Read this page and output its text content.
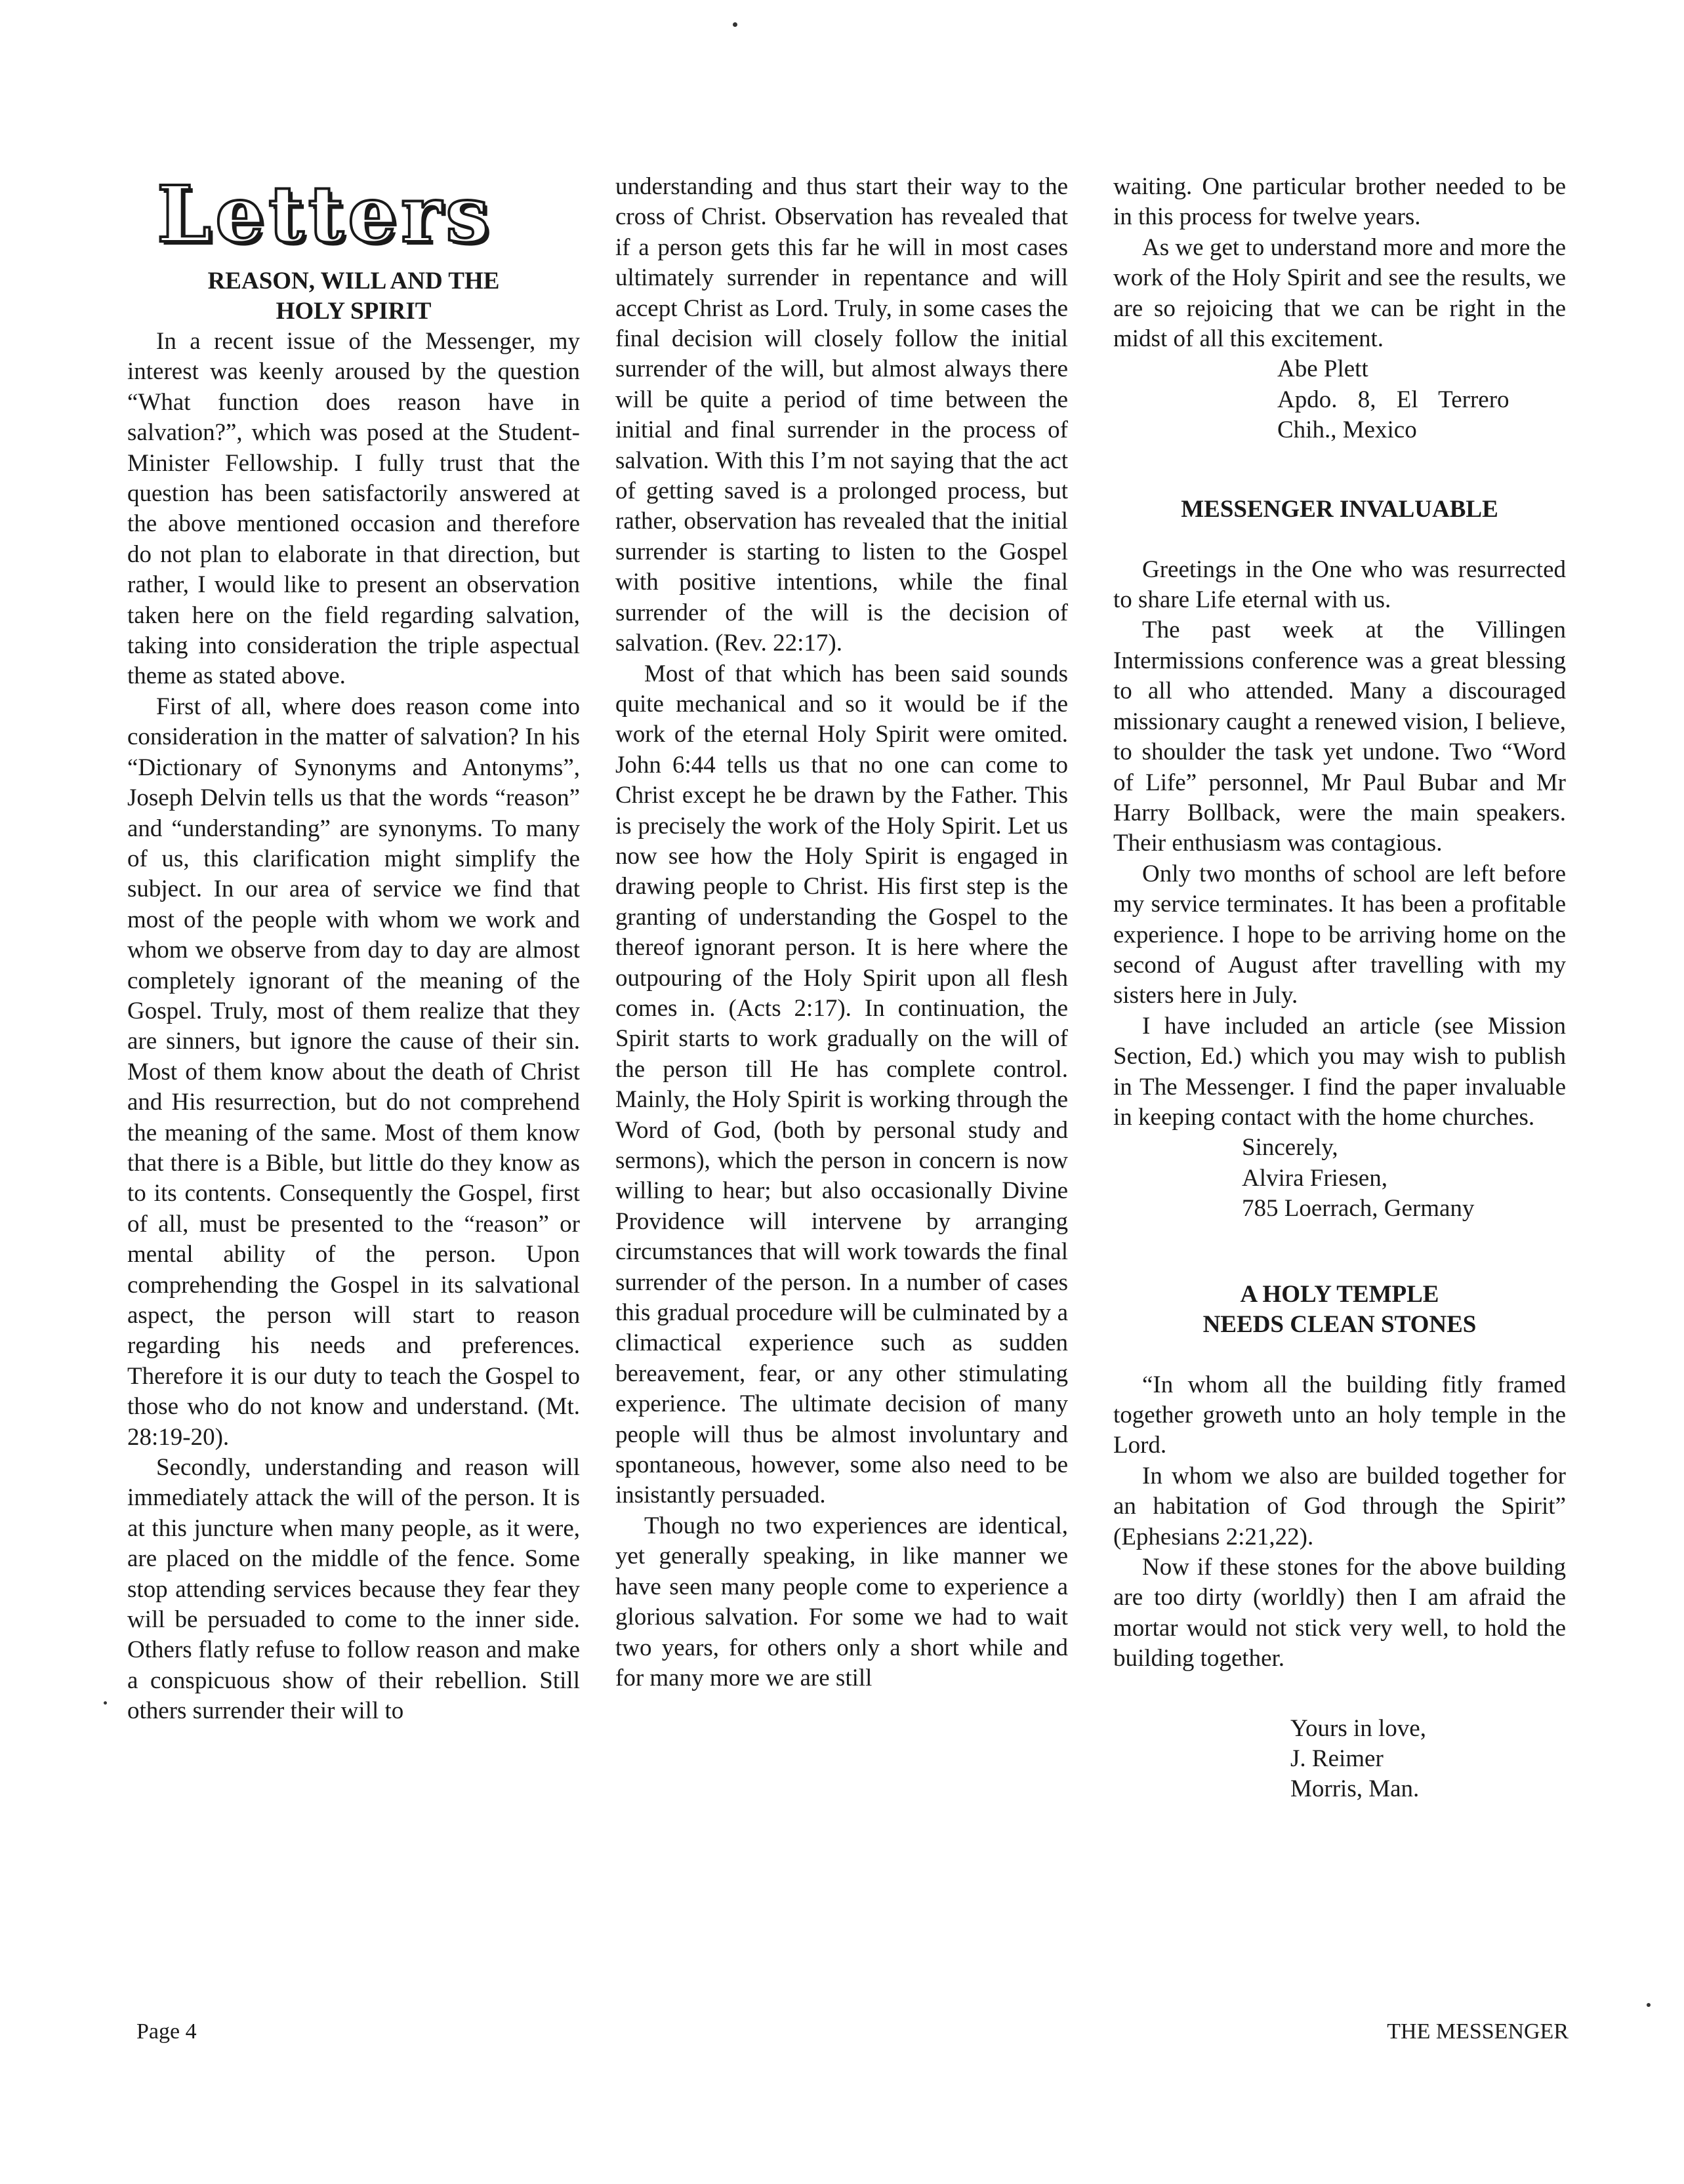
Letters
REASON, WILL AND THE HOLY SPIRIT

In a recent issue of the Messenger, my interest was keenly aroused by the question “What function does reason have in salvation?”, which was posed at the Student-Minister Fellowship. I fully trust that the question has been satisfactorily answered at the above mentioned occasion and therefore do not plan to elaborate in that direction, but rather, I would like to present an observation taken here on the field regarding salvation, taking into consideration the triple aspectual theme as stated above.

First of all, where does reason come into consideration in the matter of salvation? In his “Dictionary of Synonyms and Antonyms”, Joseph Delvin tells us that the words “reason” and “understanding” are synonyms. To many of us, this clarification might simplify the subject. In our area of service we find that most of the people with whom we work and whom we observe from day to day are almost completely ignorant of the meaning of the Gospel. Truly, most of them realize that they are sinners, but ignore the cause of their sin. Most of them know about the death of Christ and His resurrection, but do not comprehend the meaning of the same. Most of them know that there is a Bible, but little do they know as to its contents. Consequently the Gospel, first of all, must be presented to the “reason” or mental ability of the person. Upon comprehending the Gospel in its salvational aspect, the person will start to reason regarding his needs and preferences. Therefore it is our duty to teach the Gospel to those who do not know and understand. (Mt. 28:19-20).

Secondly, understanding and reason will immediately attack the will of the person. It is at this juncture when many people, as it were, are placed on the middle of the fence. Some stop attending services because they fear they will be persuaded to come to the inner side. Others flatly refuse to follow reason and make a conspicuous show of their rebellion. Still others surrender their will to

understanding and thus start their way to the cross of Christ. Observation has revealed that if a person gets this far he will in most cases ultimately surrender in repentance and will accept Christ as Lord. Truly, in some cases the final decision will closely follow the initial surrender of the will, but almost always there will be quite a period of time between the initial and final surrender in the process of salvation. With this I’m not saying that the act of getting saved is a prolonged process, but rather, observation has revealed that the initial surrender is starting to listen to the Gospel with positive intentions, while the final surrender of the will is the decision of salvation. (Rev. 22:17).

Most of that which has been said sounds quite mechanical and so it would be if the work of the eternal Holy Spirit were omited. John 6:44 tells us that no one can come to Christ except he be drawn by the Father. This is precisely the work of the Holy Spirit. Let us now see how the Holy Spirit is engaged in drawing people to Christ. His first step is the granting of understanding the Gospel to the thereof ignorant person. It is here where the outpouring of the Holy Spirit upon all flesh comes in. (Acts 2:17). In continuation, the Spirit starts to work gradually on the will of the person till He has complete control. Mainly, the Holy Spirit is working through the Word of God, (both by personal study and sermons), which the person in concern is now willing to hear; but also occasionally Divine Providence will intervene by arranging circumstances that will work towards the final surrender of the person. In a number of cases this gradual procedure will be culminated by a climactical experience such as sudden bereavement, fear, or any other stimulating experience. The ultimate decision of many people will thus be almost involuntary and spontaneous, however, some also need to be insistantly persuaded.

Though no two experiences are identical, yet generally speaking, in like manner we have seen many people come to experience a glorious salvation. For some we had to wait two years, for others only a short while and for many more we are still

waiting. One particular brother needed to be in this process for twelve years.

As we get to understand more and more the work of the Holy Spirit and see the results, we are so rejoicing that we can be right in the midst of all this excitement.

Abe Plett
Apdo. 8, El Terrero
Chih., Mexico
MESSENGER INVALUABLE

Greetings in the One who was resurrected to share Life eternal with us.

The past week at the Villingen Intermissions conference was a great blessing to all who attended. Many a discouraged missionary caught a renewed vision, I believe, to shoulder the task yet undone. Two “Word of Life” personnel, Mr Paul Bubar and Mr Harry Bollback, were the main speakers. Their enthusiasm was contagious.

Only two months of school are left before my service terminates. It has been a profitable experience. I hope to be arriving home on the second of August after travelling with my sisters here in July.

I have included an article (see Mission Section, Ed.) which you may wish to publish in The Messenger. I find the paper invaluable in keeping contact with the home churches.

Sincerely,
Alvira Friesen,
785 Loerrach, Germany
A HOLY TEMPLE NEEDS CLEAN STONES

“In whom all the building fitly framed together groweth unto an holy temple in the Lord.

In whom we also are builded together for an habitation of God through the Spirit” (Ephesians 2:21,22).

Now if these stones for the above building are too dirty (worldly) then I am afraid the mortar would not stick very well, to hold the building together.

Yours in love,
J. Reimer
Morris, Man.
Page 4	THE MESSENGER
